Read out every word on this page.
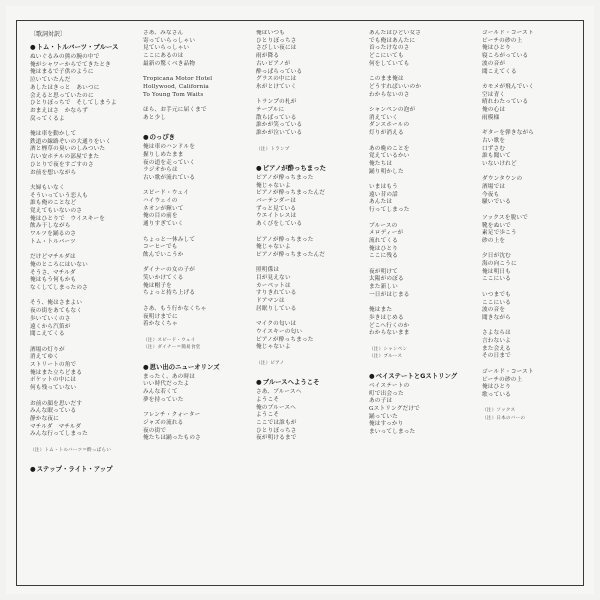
〔歌詞対訳〕
● トム・トルバーツ・ブルース
ぬいぐるみの熊の腕の中で
俺がシャワーからでてきたとき
俺はまるで子供のように
泣いていたんだ
あしたはきっと　あいつに
会えると思っていたのに
ひとりぼっちで　そしてしまうよ
おまえはさ　かならず
戻ってくるよ
俺は車を動かして
鉄道の線路ぞいの大通りをいく
酒と煙草の臭いのしみついた
古い安ホテルの部屋でまた
ひとりで夜をすごすのさ
お前を想いながら
夫婦もいなく
そういっていう恋人も
誰も俺のことなど
覚えてもいないのさ
俺はひとりで　ウイスキーを
飲み干しながら
ワルツを踊るのさ
トム・トルバーツ
だけどマチルダは
俺のところにはいない
そうさ、マチルダ
俺はもう何もかも
なくしてしまったのさ
そう、俺はさまよい
夜の街をあてもなく
歩いていくのさ
遠くから汽笛が
聞こえてくる
酒場の灯りが
消えてゆく
ストリートの角で
俺はまた立ちどまる
ポケットの中には
何も残っていない
お前の顔を思いだす
みんな眠っている
静かな夜に
マチルダ　マチルダ
みんな行ってしまった
（注）トム・トルバーツ＝酔っぱらい
● ステップ・ライト・アップ
さあ、みなさん
寄っていらっしゃい
見ていらっしゃい
ここにあるのは
最新の驚くべき品物
Tropicana Motor Hotel
Hollywood, California
To Young Tom Waits
ほら、お手元に届くまで
あと少し
● のっぴき
俺は車のハンドルを
握りしめたまま
夜の道を走っていく
ラジオからは
古い歌が流れている
スピード・ウェイ
ハイウェイの
ネオンが輝いて
俺の目の前を
通りすぎていく
ちょっと一休みして
コーヒーでも
飲んでいこうか
ダイナーの女の子が
笑いかけてくる
俺は帽子を
ちょっと持ち上げる
さあ、もう行かなくちゃ
夜明けまでに
着かなくちゃ
（注）スピード・ウェイ
（注）ダイナー＝簡易食堂
● 思い出のニューオリンズ
まったく、あの時は
いい時代だったよ
みんな若くて
夢を持っていた
フレンチ・クォーター
ジャズの流れる
夜の街で
俺たちは踊ったものさ
俺はいつも
ひとりぼっちさ
さびしい夜には
雨が降る
古いピアノが
酔っぱらっている
グラスの中には
氷がとけていく
トランプの札が
テーブルに
散らばっている
誰かが笑っている
誰かが泣いている
（注）トランプ
● ピアノが酔っちまった
ピアノが酔っちまった
俺じゃないよ
ピアノが酔っちまったんだ
バーテンダーは
ずっと見ている
ウエイトレスは
あくびをしている
ピアノが酔っちまった
俺じゃないよ
ピアノが酔っちまったんだ
照明係は
目が見えない
カーペットは
すりきれている
ドアマンは
居眠りしている
マイクの匂いは
ウイスキーの匂い
ピアノが酔っちまった
俺じゃないよ
（注）ピアノ
● ブルースへようこそ
さあ、ブルースへ
ようこそ
俺のブルースへ
ようこそ
ここでは誰もが
ひとりぼっちさ
夜が明けるまで
あんたはひどい女さ
でも俺はあんたに
首ったけなのさ
どこにいても
何をしていても
このまま俺は
どうすればいいのか
わからないのさ
シャンペンの泡が
消えていく
ダンスホールの
灯りが消える
あの晩のことを
覚えているかい
俺たちは
踊り明かした
いまはもう
遠い昔の話
あんたは
行ってしまった
ブルースの
メロディーが
流れてくる
俺はひとり
ここに残る
夜が明けて
太陽がのぼる
また新しい
一日がはじまる
俺はまた
歩きはじめる
どこへ行くのか
わからないまま
（注）シャンペン
（注）ブルース
● ベイステートとGストリング
ベイステートの
町で出会った
あの子は
Gストリングだけで
踊っていた
俺はすっかり
まいってしまった
ゴールド・コースト
ビーチの砂の上
俺はひとり
寝ころがっている
波の音が
聞こえてくる
カモメが飛んでいく
空は青く
晴れわたっている
俺の心は
雨模様
ギターを弾きながら
古い歌を
口ずさむ
誰も聞いて
いないけれど
ダウンタウンの
酒場では
今夜も
騒いでいる
ソックスを脱いで
靴をぬいで
素足で歩こう
砂の上を
夕日が沈む
海の向こうに
俺は明日も
ここにいる
いつまでも
ここにいる
波の音を
聞きながら
さよならは
言わないよ
また会える
その日まで
ゴールド・コースト
ビーチの砂の上
俺はひとり
歌っている
（注）ソックス
（注）日本のバーの
